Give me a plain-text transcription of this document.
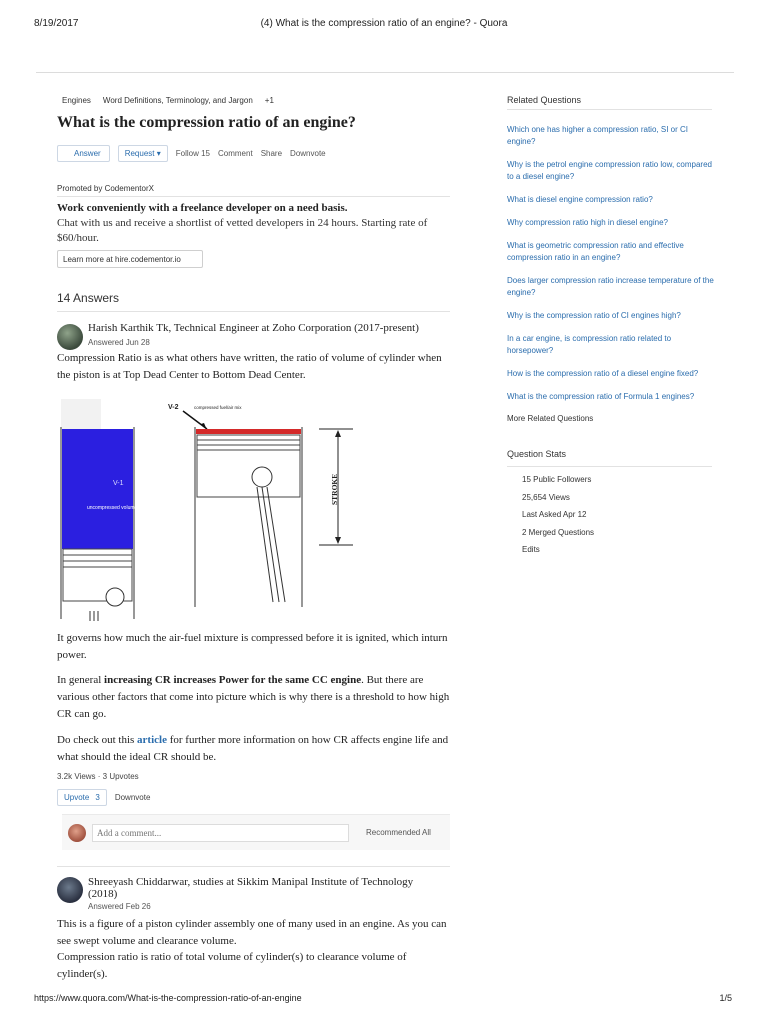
8/19/2017	(4) What is the compression ratio of an engine? - Quora
Engines Word Definitions, Terminology, and Jargon +1
What is the compression ratio of an engine?
Answer	Request ▾	Follow 15 Comment Share Downvote
Promoted by CodementorX
Work conveniently with a freelance developer on a need basis.
Chat with us and receive a shortlist of vetted developers in 24 hours. Starting rate of $60/hour.
Learn more at hire.codementor.io
14 Answers
Harish Karthik Tk, Technical Engineer at Zoho Corporation (2017-present)
Answered Jun 28
Compression Ratio is as what others have written, the ratio of volume of cylinder when the piston is at Top Dead Center to Bottom Dead Center.
V-1
uncompressed volume
V-2	compressed fuel/air mix
STROKE
It governs how much the air-fuel mixture is compressed before it is ignited, which inturn power.
In general increasing CR increases Power for the same CC engine. But there are various other factors that come into picture which is why there is a threshold to how high CR can go.
Do check out this article for further more information on how CR affects engine life and what should the ideal CR should be.
3.2k Views · 3 Upvotes
Upvote 3	Downvote
Add a comment...	Recommended All
Shreeyash Chiddarwar, studies at Sikkim Manipal Institute of Technology (2018)
Answered Feb 26
This is a figure of a piston cylinder assembly one of many used in an engine. As you can see swept volume and clearance volume.
Compression ratio is ratio of total volume of cylinder(s) to clearance volume of cylinder(s).
Related Questions
Which one has higher a compression ratio, SI or CI engine?
Why is the petrol engine compression ratio low, compared to a diesel engine?
What is diesel engine compression ratio?
Why compression ratio high in diesel engine?
What is geometric compression ratio and effective compression ratio in an engine?
Does larger compression ratio increase temperature of the engine?
Why is the compression ratio of CI engines high?
In a car engine, is compression ratio related to horsepower?
How is the compression ratio of a diesel engine fixed?
What is the compression ratio of Formula 1 engines?
More Related Questions
Question Stats
15 Public Followers
25,654 Views
Last Asked Apr 12
2 Merged Questions
Edits
https://www.quora.com/What-is-the-compression-ratio-of-an-engine	1/5
